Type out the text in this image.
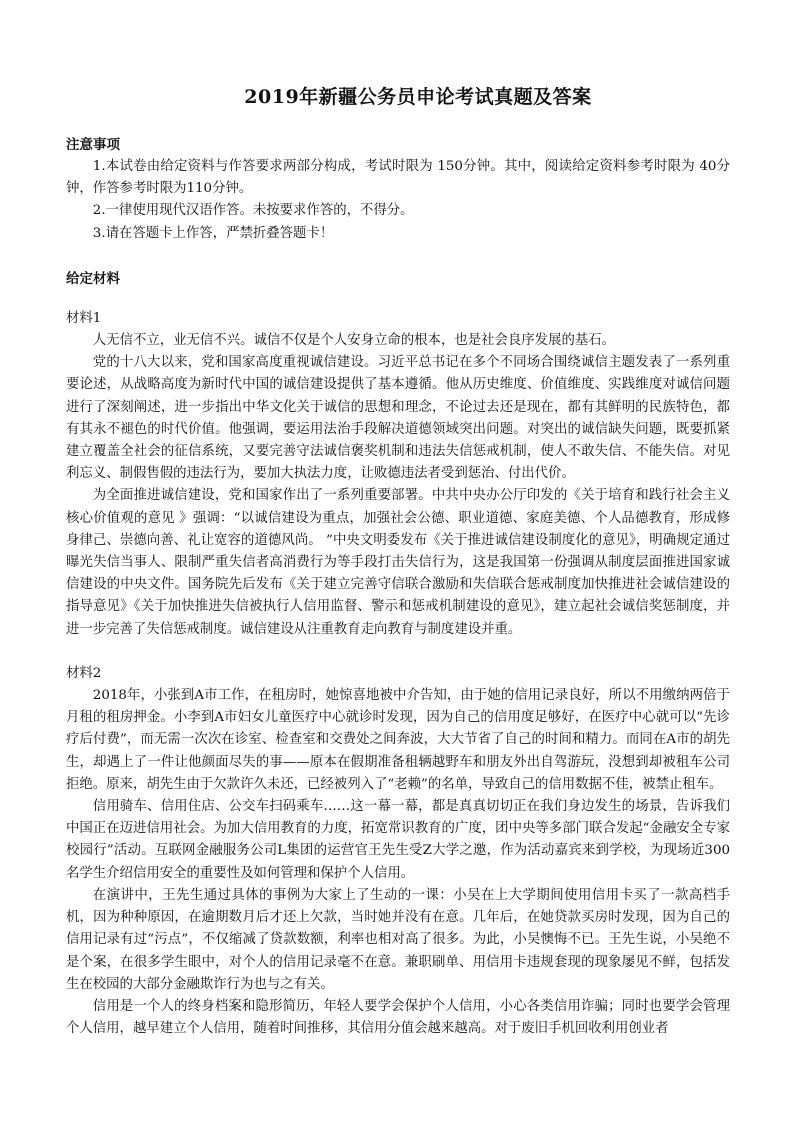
2019年新疆公务员申论考试真题及答案

注意事项

1.本试卷由给定资料与作答要求两部分构成，考试时限为 150分钟。其中，阅读给定资料参考时限为 40分钟，作答参考时限为110分钟。

2.一律使用现代汉语作答。未按要求作答的，不得分。

3.请在答题卡上作答，严禁折叠答题卡！

给定材料

材料1

人无信不立，业无信不兴。诚信不仅是个人安身立命的根本，也是社会良序发展的基石。

党的十八大以来，党和国家高度重视诚信建设。习近平总书记在多个不同场合围绕诚信主题发表了一系列重要论述，从战略高度为新时代中国的诚信建设提供了基本遵循。他从历史维度、价值维度、实践维度对诚信问题进行了深刻阐述，进一步指出中华文化关于诚信的思想和理念，不论过去还是现在，都有其鲜明的民族特色，都有其永不褪色的时代价值。他强调，要运用法治手段解决道德领域突出问题。对突出的诚信缺失问题，既要抓紧建立覆盖全社会的征信系统，又要完善守法诚信褒奖机制和违法失信惩戒机制，使人不敢失信、不能失信。对见利忘义、制假售假的违法行为，要加大执法力度，让败德违法者受到惩治、付出代价。

为全面推进诚信建设，党和国家作出了一系列重要部署。中共中央办公厅印发的《关于培育和践行社会主义核心价值观的意见 》强调：“以诚信建设为重点，加强社会公德、职业道德、家庭美德、个人品德教育，形成修身律己、崇德向善、礼让宽容的道德风尚。 ”中央文明委发布《关于推进诚信建设制度化的意见》，明确规定通过曝光失信当事人、限制严重失信者高消费行为等手段打击失信行为，这是我国第一份强调从制度层面推进国家诚信建设的中央文件。国务院先后发布《关于建立完善守信联合激励和失信联合惩戒制度加快推进社会诚信建设的指导意见》《关于加快推进失信被执行人信用监督、警示和惩戒机制建设的意见》，建立起社会诚信奖惩制度，并进一步完善了失信惩戒制度。诚信建设从注重教育走向教育与制度建设并重。

材料2

2018年，小张到A市工作，在租房时，她惊喜地被中介告知，由于她的信用记录良好，所以不用缴纳两倍于月租的租房押金。小李到A市妇女儿童医疗中心就诊时发现，因为自己的信用度足够好，在医疗中心就可以“先诊疗后付费”，而无需一次次在诊室、检查室和交费处之间奔波，大大节省了自己的时间和精力。而同在A市的胡先生，却遇上了一件让他颜面尽失的事——原本在假期准备租辆越野车和朋友外出自驾游玩，没想到却被租车公司拒绝。原来，胡先生由于欠款许久未还，已经被列入了“老赖”的名单，导致自己的信用数据不佳，被禁止租车。

信用骑车、信用住店、公交车扫码乘车……这一幕一幕，都是真真切切正在我们身边发生的场景，告诉我们中国正在迈进信用社会。为加大信用教育的力度，拓宽常识教育的广度，团中央等多部门联合发起“金融安全专家校园行”活动。互联网金融服务公司L集团的运营官王先生受Z大学之邀，作为活动嘉宾来到学校，为现场近300名学生介绍信用安全的重要性及如何管理和保护个人信用。

在演讲中，王先生通过具体的事例为大家上了生动的一课：小吴在上大学期间使用信用卡买了一款高档手机，因为种种原因，在逾期数月后才还上欠款，当时她并没有在意。几年后，在她贷款买房时发现，因为自己的信用记录有过“污点”，不仅缩减了贷款数额，利率也相对高了很多。为此，小吴懊悔不已。王先生说，小吴绝不是个案，在很多学生眼中，对个人的信用记录毫不在意。兼职刷单、用信用卡违规套现的现象屡见不鲜，包括发生在校园的大部分金融欺诈行为也与之有关。

信用是一个人的终身档案和隐形简历，年轻人要学会保护个人信用，小心各类信用诈骗；同时也要学会管理个人信用，越早建立个人信用，随着时间推移，其信用分值会越来越高。对于废旧手机回收利用创业者
